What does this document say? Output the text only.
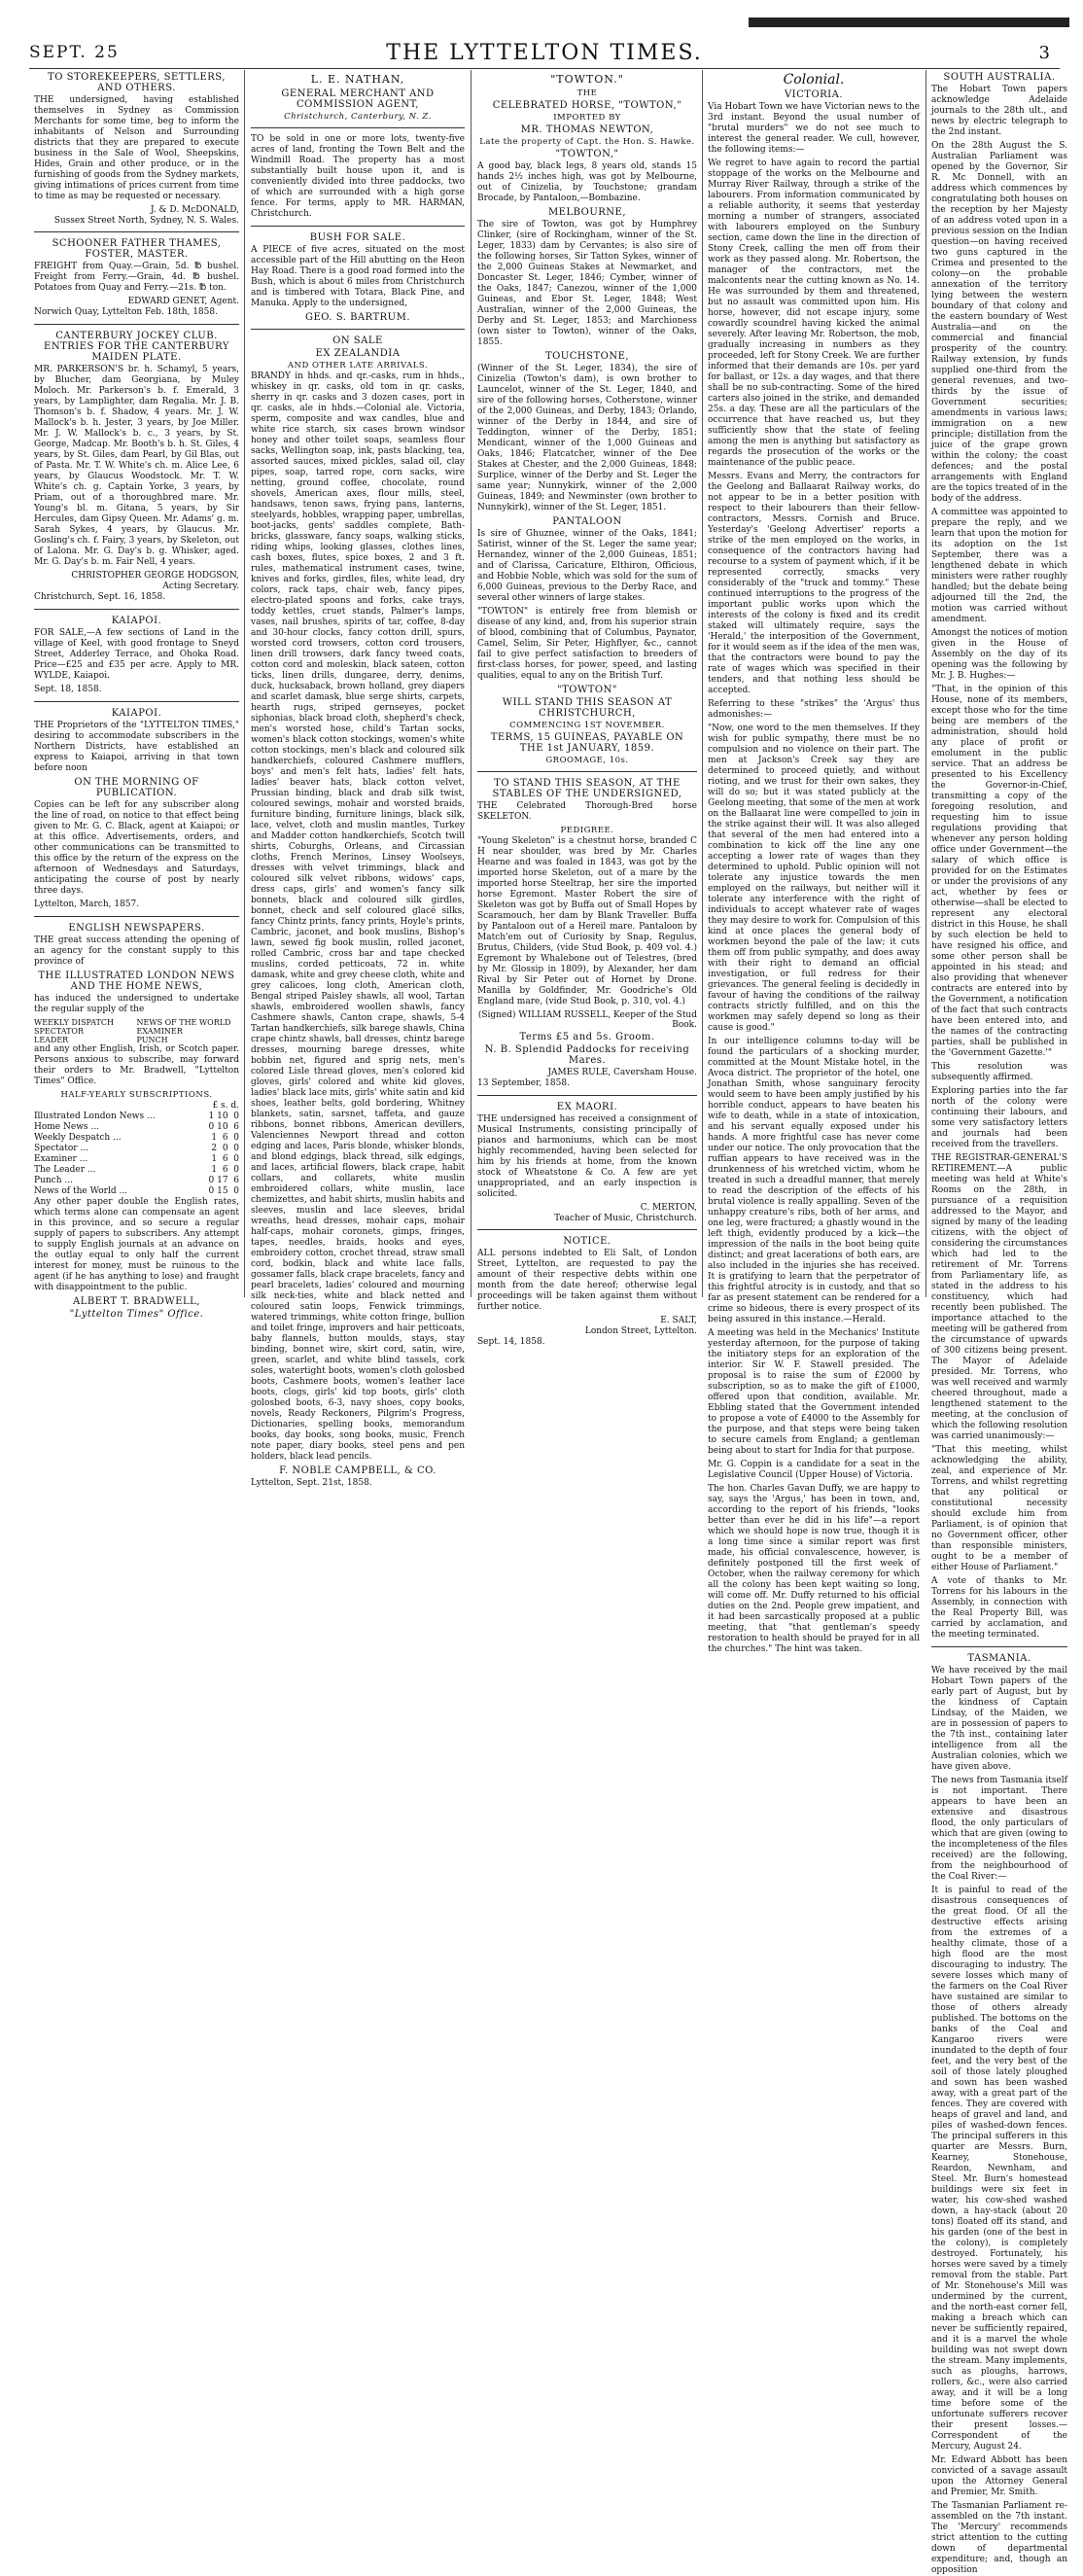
SEPT. 25	THE LYTTELTON TIMES.	3
TO STOREKEEPERS, SETTLERS, AND OTHERS.

THE undersigned, having established themselves in Sydney as Commission Merchants for some time, beg to inform the inhabitants of Nelson and Surrounding districts that they are prepared to execute business in the Sale of Wool, Sheepskins, Hides, Grain and other produce, or in the furnishing of goods from the Sydney markets, giving intimations of prices current from time to time as may be requested or necessary.

J. & D. McDONALD,
Sussex Street North, Sydney, N. S. Wales.
SCHOONER FATHER THAMES, FOSTER, MASTER.

FREIGHT from Quay.—Grain, 5d. ℔ bushel. Freight from Ferry.—Grain, 4d. ℔ bushel. Potatoes from Quay and Ferry.—21s. ℔ ton.

EDWARD GENET, Agent.

Norwich Quay, Lyttelton Feb. 18th, 1858.

CANTERBURY JOCKEY CLUB. ENTRIES FOR THE CANTERBURY MAIDEN PLATE.

MR. PARKERSON'S br. h. Schamyl, 5 years, by Blucher, dam Georgiana, by Muley Moloch. Mr. Parkerson's b. f. Emerald, 3 years, by Lamplighter, dam Regalia. Mr. J. B. Thomson's b. f. Shadow, 4 years. Mr. J. W. Mallock's b. h. Jester, 3 years, by Joe Miller. Mr. J. W. Mallock's b. c., 3 years, by St. George, Madcap. Mr. Booth's b. h. St. Giles, 4 years, by St. Giles, dam Pearl, by Gil Blas, out of Pasta. Mr. T. W. White's ch. m. Alice Lee, 6 years, by Glaucus Woodstock. Mr. T. W. White's ch. g. Captain Yorke, 3 years, by Priam, out of a thoroughbred mare. Mr. Young's bl. m. Gitana, 5 years, by Sir Hercules, dam Gipsy Queen. Mr. Adams' g. m. Sarah Sykes, 4 years, by Glaucus. Mr. Gosling's ch. f. Fairy, 3 years, by Skeleton, out of Lalona. Mr. G. Day's b. g. Whisker, aged. Mr. G. Day's b. m. Fair Nell, 4 years.

CHRISTOPHER GEORGE HODGSON,
Acting Secretary.

Christchurch, Sept. 16, 1858.

KAIAPOI.

FOR SALE,—A few sections of Land in the village of Keel, with good frontage to Sneyd Street, Adderley Terrace, and Ohoka Road. Price—£25 and £35 per acre. Apply to MR. WYLDE, Kaiapoi.

Sept. 18, 1858.

KAIAPOI.

THE Proprietors of the "LYTTELTON TIMES," desiring to accommodate subscribers in the Northern Districts, have established an express to Kaiapoi, arriving in that town before noon

ON THE MORNING OF PUBLICATION.

Copies can be left for any subscriber along the line of road, on notice to that effect being given to Mr. G. C. Black, agent at Kaiapoi; or at this office. Advertisements, orders, and other communications can be transmitted to this office by the return of the express on the afternoon of Wednesdays and Saturdays, anticipating the course of post by nearly three days.

Lyttelton, March, 1857.

ENGLISH NEWSPAPERS.

THE great success attending the opening of an agency for the constant supply to this province of

THE ILLUSTRATED LONDON NEWS AND THE HOME NEWS,

has induced the undersigned to undertake the regular supply of the

WEEKLY DISPATCH
SPECTATOR
LEADER
NEWS OF THE WORLD
EXAMINER
PUNCH

and any other English, Irish, or Scotch paper. Persons anxious to subscribe, may forward their orders to Mr. Bradwell, "Lyttelton Times" Office.

HALF-YEARLY SUBSCRIPTIONS.
£ s. d.
Illustrated London News ...	1 10  0
Home News ...	0 10  6
Weekly Despatch ...	1  6  0
Spectator ...	2  0  0
Examiner ...	1  6  0
The Leader ...	1  6  0
Punch ...	0 17  6
News of the World ...	0 15  0

Any other paper double the English rates, which terms alone can compensate an agent in this province, and so secure a regular supply of papers to subscribers. Any attempt to supply English journals at an advance on the outlay equal to only half the current interest for money, must be ruinous to the agent (if he has anything to lose) and fraught with disappointment to the public.

ALBERT T. BRADWELL,
"Lyttelton Times" Office.
L. E. NATHAN,
GENERAL MERCHANT AND COMMISSION AGENT,
Christchurch, Canterbury, N. Z.

TO be sold in one or more lots, twenty-five acres of land, fronting the Town Belt and the Windmill Road. The property has a most substantially built house upon it, and is conveniently divided into three paddocks, two of which are surrounded with a high gorse fence. For terms, apply to MR. HARMAN, Christchurch.

BUSH FOR SALE.

A PIECE of five acres, situated on the most accessible part of the Hill abutting on the Heon Hay Road. There is a good road formed into the Bush, which is about 6 miles from Christchurch and is timbered with Totara, Black Pine, and Manuka. Apply to the undersigned,

GEO. S. BARTRUM.
ON SALE
EX ZEALANDIA
AND OTHER LATE ARRIVALS.

BRANDY in hhds. and qr.-casks, rum in hhds., whiskey in qr. casks, old tom in qr. casks, sherry in qr. casks and 3 dozen cases, port in qr. casks, ale in hhds.—Colonial ale. Victoria, sperm, composite and wax candles, blue and white rice starch, six cases brown windsor honey and other toilet soaps, seamless flour sacks, Wellington soap, ink, pasts blacking, tea, assorted sauces, mixed pickles, salad oil, clay pipes, soap, tarred rope, corn sacks, wire netting, ground coffee, chocolate, round shovels, American axes, flour mills, steel, handsaws, tenon saws, frying pans, lanterns, steelyards, hobbles, wrapping paper, umbrellas, boot-jacks, gents' saddles complete, Bath-bricks, glassware, fancy soaps, walking sticks, riding whips, looking glasses, clothes lines, cash boxes, flutes, spice boxes, 2 and 3 ft. rules, mathematical instrument cases, twine, knives and forks, girdles, files, white lead, dry colors, rack taps, chair web, fancy pipes, electro-plated spoons and forks, cake trays, toddy kettles, cruet stands, Palmer's lamps, vases, nail brushes, spirits of tar, coffee, 8-day and 30-hour clocks, fancy cotton drill, spurs, worsted cord trowsers, cotton cord trousers, linen drill trowsers, dark fancy tweed coats, cotton cord and moleskin, black sateen, cotton ticks, linen drills, dungaree, derry, denims, duck, hucksaback, brown holland, grey diapers and scarlet damask, blue serge shirts, carpets, hearth rugs, striped gernseyes, pocket siphonias, black broad cloth, shepherd's check, men's worsted hose, child's Tartan socks, women's black cotton stockings, women's white cotton stockings, men's black and coloured silk handkerchiefs, coloured Cashmere mufflers, boys' and men's felt hats, ladies' felt hats, ladies' beaver hats, black cotton velvet, Prussian binding, black and drab silk twist, coloured sewings, mohair and worsted braids, furniture binding, furniture linings, black silk, lace, velvet, cloth and muslin mantles, Turkey and Madder cotton handkerchiefs, Scotch twill shirts, Coburghs, Orleans, and Circassian cloths, French Merinos, Linsey Woolseys, dresses with velvet trimmings, black and coloured silk velvet ribbons, widows' caps, dress caps, girls' and women's fancy silk bonnets, black and coloured silk girdles, bonnet, check and self coloured glacé silks, fancy Chintz prints, fancy prints, Hoyle's prints, Cambric, jaconet, and book muslins, Bishop's lawn, sewed fig book muslin, rolled jaconet, rolled Cambric, cross bar and tape checked muslins, corded petticoats, 72 in. white damask, white and grey cheese cloth, white and grey calicoes, long cloth, American cloth, Bengal striped Paisley shawls, all wool, Tartan shawls, embroidered woollen shawls, fancy Cashmere shawls, Canton crape, shawls, 5-4 Tartan handkerchiefs, silk barege shawls, China crape chintz shawls, ball dresses, chintz barege dresses, mourning barege dresses, white bobbin net, figured and sprig nets, men's colored Lisle thread gloves, men's colored kid gloves, girls' colored and white kid gloves, ladies' black lace mits, girls' white satin and kid shoes, leather belts, gold bordering, Whitney blankets, satin, sarsnet, taffeta, and gauze ribbons, bonnet ribbons, American devillers, Valenciennes Newport thread and cotton edging and laces, Paris blonde, whisker blonds, and blond edgings, black thread, silk edgings, and laces, artificial flowers, black crape, habit collars, and collarets, white muslin embroidered collars, white muslin, lace chemizettes, and habit shirts, muslin habits and sleeves, muslin and lace sleeves, bridal wreaths, head dresses, mohair caps, mohair half-caps, mohair coronets, gimps, fringes, tapes, needles, braids, hooks and eyes, embroidery cotton, crochet thread, straw small cord, bodkin, black and white lace falls, gossamer falls, black crape bracelets, fancy and pearl bracelets, ladies' coloured and mourning silk neck-ties, white and black netted and coloured satin loops, Fenwick trimmings, watered trimmings, white cotton fringe, bullion and toilet fringe, improvers and hair petticoats, baby flannels, button moulds, stays, stay binding, bonnet wire, skirt cord, satin, wire, green, scarlet, and white blind tassels, cork soles, watertight boots, women's cloth golosbed boots, Cashmere boots, women's leather lace boots, clogs, girls' kid top boots, girls' cloth golosbed boots, 6-3, navy shoes, copy books, novels, Ready Reckoners, Pilgrim's Progress, Dictionaries, spelling books, memorandum books, day books, song books, music, French note paper, diary books, steel pens and pen holders, black lead pencils.

F. NOBLE CAMPBELL, & CO.

Lyttelton, Sept. 21st, 1858.

"TOWTON."
THE
CELEBRATED HORSE, "TOWTON,"
IMPORTED BY
MR. THOMAS NEWTON,
Late the property of Capt. the Hon. S. Hawke.
"TOWTON,"

A good bay, black legs, 8 years old, stands 15 hands 2½ inches high, was got by Melbourne, out of Cinizelia, by Touchstone; grandam Brocade, by Pantaloon,—Bombazine.

MELBOURNE,

The sire of Towton, was got by Humphrey Clinker, (sire of Rockingham, winner of the St. Leger, 1833) dam by Cervantes; is also sire of the following horses, Sir Tatton Sykes, winner of the 2,000 Guineas Stakes at Newmarket, and Doncaster St. Leger, 1846; Cymber, winner of the Oaks, 1847; Canezou, winner of the 1,000 Guineas, and Ebor St. Leger, 1848; West Australian, winner of the 2,000 Guineas, the Derby and St. Leger, 1853; and Marchioness (own sister to Towton), winner of the Oaks, 1855.

TOUCHSTONE,

(Winner of the St. Leger, 1834), the sire of Cinizelia (Towton's dam), is own brother to Launcelot, winner of the St. Leger, 1840, and sire of the following horses, Cotherstone, winner of the 2,000 Guineas, and Derby, 1843; Orlando, winner of the Derby in 1844, and sire of Teddington, winner of the Derby, 1851; Mendicant, winner of the 1,000 Guineas and Oaks, 1846; Flatcatcher, winner of the Dee Stakes at Chester, and the 2,000 Guineas, 1848; Surplice, winner of the Derby and St. Leger the same year; Nunnykirk, winner of the 2,000 Guineas, 1849; and Newminster (own brother to Nunnykirk), winner of the St. Leger, 1851.

PANTALOON

Is sire of Ghuznee, winner of the Oaks, 1841; Satirist, winner of the St. Leger the same year; Hernandez, winner of the 2,000 Guineas, 1851; and of Clarissa, Caricature, Elthiron, Officious, and Hobbie Noble, which was sold for the sum of 6,000 Guineas, previous to the Derby Race, and several other winners of large stakes.

"TOWTON" is entirely free from blemish or disease of any kind, and, from his superior strain of blood, combining that of Columbus, Paynator, Camel, Selim, Sir Peter, Highflyer, &c., cannot fail to give perfect satisfaction to breeders of first-class horses, for power, speed, and lasting qualities, equal to any on the British Turf.

"TOWTON"
WILL STAND THIS SEASON AT CHRISTCHURCH,
COMMENCING 1ST NOVEMBER.
TERMS, 15 GUINEAS, PAYABLE ON THE 1st JANUARY, 1859.
GROOMAGE, 10s.
TO STAND THIS SEASON, AT THE STABLES OF THE UNDERSIGNED,

THE Celebrated Thorough-Bred horse SKELETON.

PEDIGREE.

"Young Skeleton" is a chestnut horse, branded C H near shoulder, was bred by Mr. Charles Hearne and was foaled in 1843, was got by the imported horse Skeleton, out of a mare by the imported horse Steeltrap, her sire the imported horse Egremont. Master Robert the sire of Skeleton was got by Buffa out of Small Hopes by Scaramouch, her dam by Blank Traveller. Buffa by Pantaloon out of a Hereil mare. Pantaloon by Match'em out of Curiosity by Snap, Regulus, Brutus, Childers, (vide Stud Book, p. 409 vol. 4.) Egremont by Whalebone out of Telestres, (bred by Mr. Glossip in 1809), by Alexander, her dam Rival by Sir Peter out of Hornet by Drone. Manilla by Goldfinder, Mr. Goodriche's Old England mare, (vide Stud Book, p. 310, vol. 4.)

(Signed) WILLIAM RUSSELL, Keeper of the Stud Book.
Terms £5 and 5s. Groom.
N. B. Splendid Paddocks for receiving Mares.
JAMES RULE, Caversham House.

13 September, 1858.

EX MAORI.

THE undersigned has received a consignment of Musical Instruments, consisting principally of pianos and harmoniums, which can be most highly recommended, having been selected for him by his friends at home, from the known stock of Wheatstone & Co. A few are yet unappropriated, and an early inspection is solicited.

C. MERTON,
Teacher of Music, Christchurch.
NOTICE.

ALL persons indebted to Eli Salt, of London Street, Lyttelton, are requested to pay the amount of their respective debts within one month from the date hereof; otherwise legal proceedings will be taken against them without further notice.

E. SALT,
London Street, Lyttelton.

Sept. 14, 1858.

Colonial.
VICTORIA.

Via Hobart Town we have Victorian news to the 3rd instant. Beyond the usual number of "brutal murders" we do not see much to interest the general reader. We cull, however, the following items:—

We regret to have again to record the partial stoppage of the works on the Melbourne and Murray River Railway, through a strike of the labourers. From information communicated by a reliable authority, it seems that yesterday morning a number of strangers, associated with labourers employed on the Sunbury section, came down the line in the direction of Stony Creek, calling the men off from their work as they passed along. Mr. Robertson, the manager of the contractors, met the malcontents near the cutting known as No. 14. He was surrounded by them and threatened, but no assault was committed upon him. His horse, however, did not escape injury, some cowardly scoundrel having kicked the animal severely. After leaving Mr. Robertson, the mob, gradually increasing in numbers as they proceeded, left for Stony Creek. We are further informed that their demands are 10s. per yard for ballast, or 12s. a day wages, and that there shall be no sub-contracting. Some of the hired carters also joined in the strike, and demanded 25s. a day. These are all the particulars of the occurrence that have reached us, but they sufficiently show that the state of feeling among the men is anything but satisfactory as regards the prosecution of the works or the maintenance of the public peace.

Messrs. Evans and Merry, the contractors for the Geelong and Ballaarat Railway works, do not appear to be in a better position with respect to their labourers than their fellow-contractors, Messrs. Cornish and Bruce. Yesterday's 'Geelong Advertiser' reports a strike of the men employed on the works, in consequence of the contractors having had recourse to a system of payment which, if it be represented correctly, smacks very considerably of the "truck and tommy." These continued interruptions to the progress of the important public works upon which the interests of the colony is fixed and its credit staked will ultimately require, says the 'Herald,' the interposition of the Government, for it would seem as if the idea of the men was, that the contractors were bound to pay the rate of wages which was specified in their tenders, and that nothing less should be accepted.

Referring to these "strikes" the 'Argus' thus admonishes:—

"Now, one word to the men themselves. If they wish for public sympathy, there must be no compulsion and no violence on their part. The men at Jackson's Creek say they are determined to proceed quietly, and without rioting, and we trust for their own sakes, they will do so; but it was stated publicly at the Geelong meeting, that some of the men at work on the Ballaarat line were compelled to join in the strike against their will. It was also alleged that several of the men had entered into a combination to kick off the line any one accepting a lower rate of wages than they determined to uphold. Public opinion will not tolerate any injustice towards the men employed on the railways, but neither will it tolerate any interference with the right of individuals to accept whatever rate of wages they may desire to work for. Compulsion of this kind at once places the general body of workmen beyond the pale of the law; it cuts them off from public sympathy, and does away with their right to demand an official investigation, or full redress for their grievances. The general feeling is decidedly in favour of having the conditions of the railway contracts strictly fulfilled, and on this the workmen may safely depend so long as their cause is good."

In our intelligence columns to-day will be found the particulars of a shocking murder, committed at the Mount Mistake hotel, in the Avoca district. The proprietor of the hotel, one Jonathan Smith, whose sanguinary ferocity would seem to have been amply justified by his horrible conduct, appears to have beaten his wife to death, while in a state of intoxication, and his servant equally exposed under his hands. A more frightful case has never come under our notice. The only provocation that the ruffian appears to have received was in the drunkenness of his wretched victim, whom he treated in such a dreadful manner, that merely to read the description of the effects of his brutal violence is really appalling. Seven of the unhappy creature's ribs, both of her arms, and one leg, were fractured; a ghastly wound in the left thigh, evidently produced by a kick—the impression of the nails in the boot being quite distinct; and great lacerations of both ears, are also included in the injuries she has received. It is gratifying to learn that the perpetrator of this frightful atrocity is in custody, and that so far as present statement can be rendered for a crime so hideous, there is every prospect of its being assured in this instance.—Herald.

A meeting was held in the Mechanics' Institute yesterday afternoon, for the purpose of taking the initiatory steps for an exploration of the interior. Sir W. F. Stawell presided. The proposal is to raise the sum of £2000 by subscription, so as to make the gift of £1000, offered upon that condition, available. Mr. Ebbling stated that the Government intended to propose a vote of £4000 to the Assembly for the purpose, and that steps were being taken to secure camels from England; a gentleman being about to start for India for that purpose.

Mr. G. Coppin is a candidate for a seat in the Legislative Council (Upper House) of Victoria.

The hon. Charles Gavan Duffy, we are happy to say, says the 'Argus,' has been in town, and, according to the report of his friends, "looks better than ever he did in his life"—a report which we should hope is now true, though it is a long time since a similar report was first made, his official convalescence, however, is definitely postponed till the first week of October, when the railway ceremony for which all the colony has been kept waiting so long, will come off. Mr. Duffy returned to his official duties on the 2nd. People grew impatient, and it had been sarcastically proposed at a public meeting, that "that gentleman's speedy restoration to health should be prayed for in all the churches." The hint was taken.

SOUTH AUSTRALIA.

The Hobart Town papers acknowledge Adelaide journals to the 28th ult., and news by electric telegraph to the 2nd instant.

On the 28th August the S. Australian Parliament was opened by the Governor, Sir R. Mc Donnell, with an address which commences by congratulating both houses on the reception by her Majesty of an address voted upon in a previous session on the Indian question—on having received two guns captured in the Crimea and presented to the colony—on the probable annexation of the territory lying between the western boundary of that colony and the eastern boundary of West Australia—and on the commercial and financial prosperity of the country. Railway extension, by funds supplied one-third from the general revenues, and two-thirds by the issue of Government securities; amendments in various laws; immigration on a new principle; distillation from the juice of the grape grown within the colony; the coast defences; and the postal arrangements with England are the topics treated of in the body of the address.

A committee was appointed to prepare the reply, and we learn that upon the motion for its adoption on the 1st September, there was a lengthened debate in which ministers were rather roughly handled; but the debate being adjourned till the 2nd, the motion was carried without amendment.

Amongst the notices of motion given in the House of Assembly on the day of its opening was the following by Mr. J. B. Hughes:—

"That, in the opinion of this House, none of its members, except those who for the time being are members of the administration, should hold any place of profit or emolument in the public service. That an address be presented to his Excellency the Governor-in-Chief, transmitting a copy of the foregoing resolution, and requesting him to issue regulations providing that whenever any person holding office under Government—the salary of which office is provided for on the Estimates or under the provisions of any act, whether by fees or otherwise—shall be elected to represent any electoral district in this House, he shall by such election be held to have resigned his office, and some other person shall be appointed in his stead; and also providing that whenever contracts are entered into by the Government, a notification of the fact that such contracts have been entered into, and the names of the contracting parties, shall be published in the 'Government Gazette.'"

This resolution was subsequently affirmed.

Exploring parties into the far north of the colony were continuing their labours, and some very satisfactory letters and journals had been received from the travellers.

THE REGISTRAR-GENERAL'S RETIREMENT.—A public meeting was held at White's Rooms on the 28th, in pursuance of a requisition addressed to the Mayor, and signed by many of the leading citizens, with the object of considering the circumstances which had led to the retirement of Mr. Torrens from Parliamentary life, as stated in the address to his constituency, which had recently been published. The importance attached to the meeting will be gathered from the circumstance of upwards of 300 citizens being present. The Mayor of Adelaide presided. Mr. Torrens, who was well received and warmly cheered throughout, made a lengthened statement to the meeting, at the conclusion of which the following resolution was carried unanimously:—

"That this meeting, whilst acknowledging the ability, zeal, and experience of Mr. Torrens, and whilst regretting that any political or constitutional necessity should exclude him from Parliament, is of opinion that no Government officer, other than responsible ministers, ought to be a member of either House of Parliament."

A vote of thanks to Mr. Torrens for his labours in the Assembly, in connection with the Real Property Bill, was carried by acclamation, and the meeting terminated.

TASMANIA.

We have received by the mail Hobart Town papers of the early part of August, but by the kindness of Captain Lindsay, of the Maiden, we are in possession of papers to the 7th inst., containing later intelligence from all the Australian colonies, which we have given above.

The news from Tasmania itself is not important. There appears to have been an extensive and disastrous flood, the only particulars of which that are given (owing to the incompleteness of the files received) are the following, from the neighbourhood of the Coal River:—

It is painful to read of the disastrous consequences of the great flood. Of all the destructive effects arising from the extremes of a healthy climate, those of a high flood are the most discouraging to industry. The severe losses which many of the farmers on the Coal River have sustained are similar to those of others already published. The bottoms on the banks of the Coal and Kangaroo rivers were inundated to the depth of four feet, and the very best of the soil of those lately ploughed and sown has been washed away, with a great part of the fences. They are covered with heaps of gravel and land, and piles of washed-down fences. The principal sufferers in this quarter are Messrs. Burn, Kearney, Stonehouse, Reardon, Newnham, and Steel. Mr. Burn's homestead buildings were six feet in water, his cow-shed washed down, a hay-stack (about 20 tons) floated off its stand, and his garden (one of the best in the colony), is completely destroyed. Fortunately, his horses were saved by a timely removal from the stable. Part of Mr. Stonehouse's Mill was undermined by the current, and the north-east corner fell, making a breach which can never be sufficiently repaired, and it is a marvel the whole building was not swept down the stream. Many implements, such as ploughs, harrows, rollers, &c., were also carried away, and it will be a long time before some of the unfortunate sufferers recover their present losses.—Correspondent of the Mercury, August 24.

Mr. Edward Abbott has been convicted of a savage assault upon the Attorney General and Premier, Mr. Smith.

The Tasmanian Parliament re-assembled on the 7th instant. The 'Mercury' recommends strict attention to the cutting down of departmental expenditure; and, though an opposition
